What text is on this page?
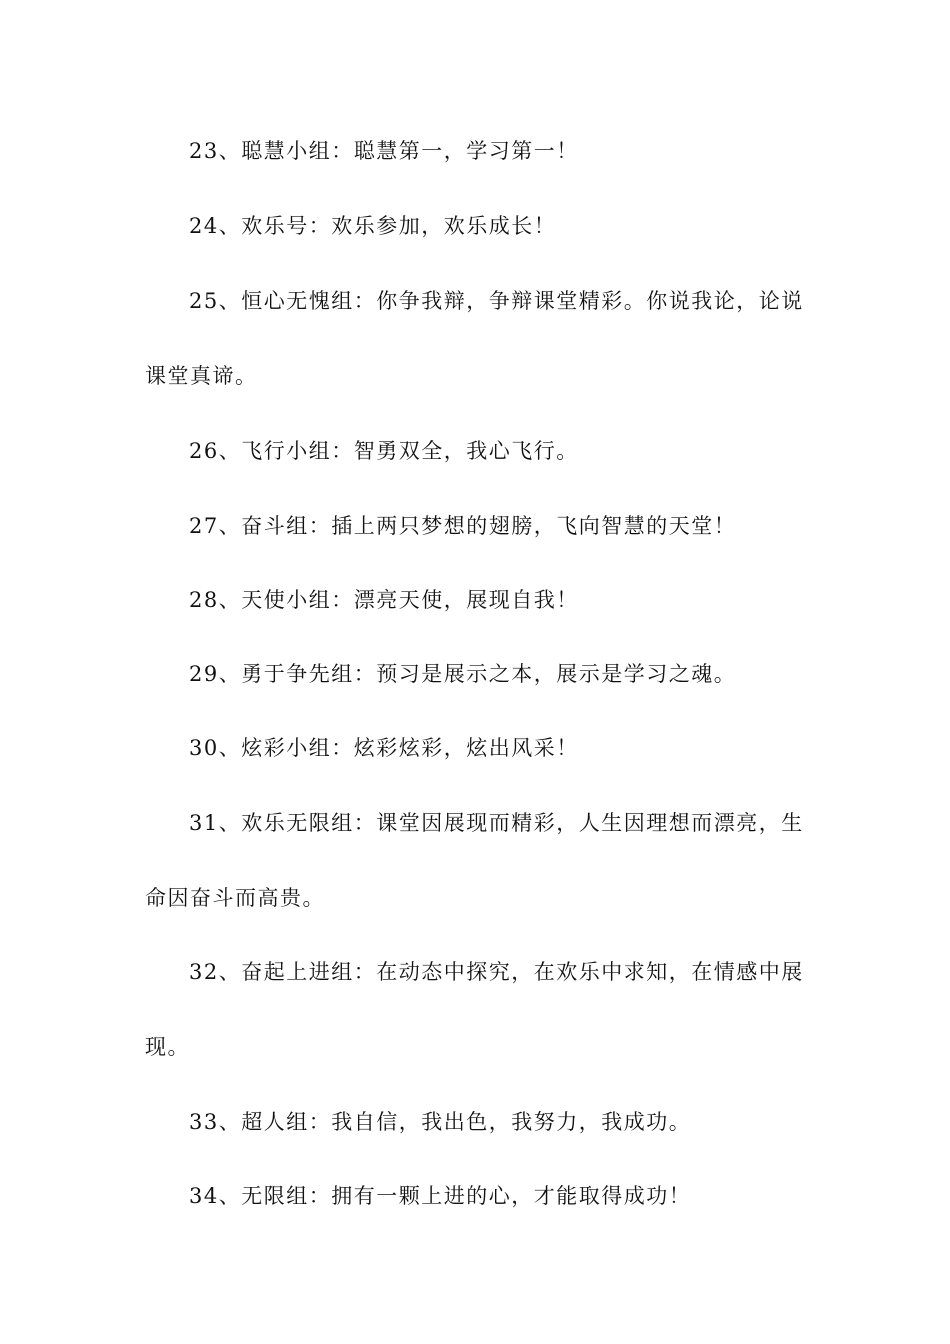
23、聪慧小组：聪慧第一，学习第一！

24、欢乐号：欢乐参加，欢乐成长！

25、恒心无愧组：你争我辩，争辩课堂精彩。你说我论，论说课堂真谛。

26、飞行小组：智勇双全，我心飞行。

27、奋斗组：插上两只梦想的翅膀，飞向智慧的天堂！

28、天使小组：漂亮天使，展现自我！

29、勇于争先组：预习是展示之本，展示是学习之魂。

30、炫彩小组：炫彩炫彩，炫出风采！

31、欢乐无限组：课堂因展现而精彩，人生因理想而漂亮，生命因奋斗而高贵。

32、奋起上进组：在动态中探究，在欢乐中求知，在情感中展现。

33、超人组：我自信，我出色，我努力，我成功。

34、无限组：拥有一颗上进的心，才能取得成功！
